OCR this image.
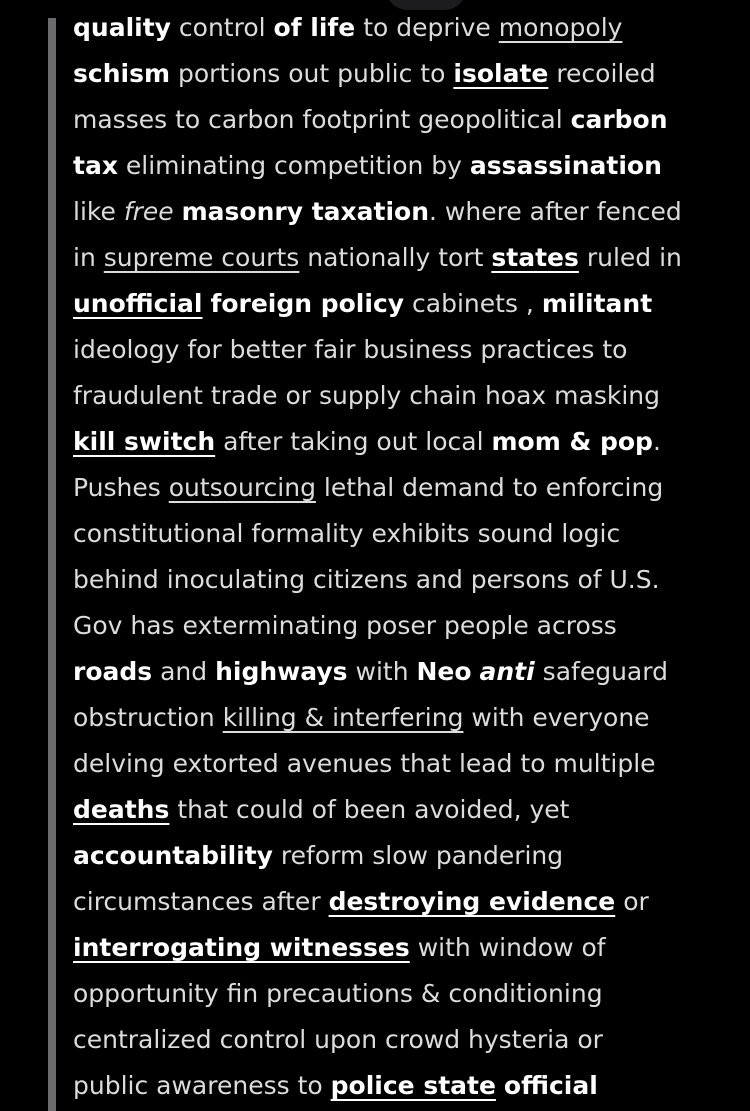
quality control of life to deprive monopoly
schism portions out public to isolate recoiled
masses to carbon footprint geopolitical carbon
tax eliminating competition by assassination
like free masonry taxation. where after fenced
in supreme courts nationally tort states ruled in
unofficial foreign policy cabinets , militant
ideology for better fair business practices to
fraudulent trade or supply chain hoax masking
kill switch after taking out local mom & pop.
Pushes outsourcing lethal demand to enforcing
constitutional formality exhibits sound logic
behind inoculating citizens and persons of U.S.
Gov has exterminating poser people across
roads and highways with Neo anti safeguard
obstruction killing & interfering with everyone
delving extorted avenues that lead to multiple
deaths that could of been avoided, yet
accountability reform slow pandering
circumstances after destroying evidence or
interrogating witnesses with window of
opportunity fin precautions & conditioning
centralized control upon crowd hysteria or
public awareness to police state official
